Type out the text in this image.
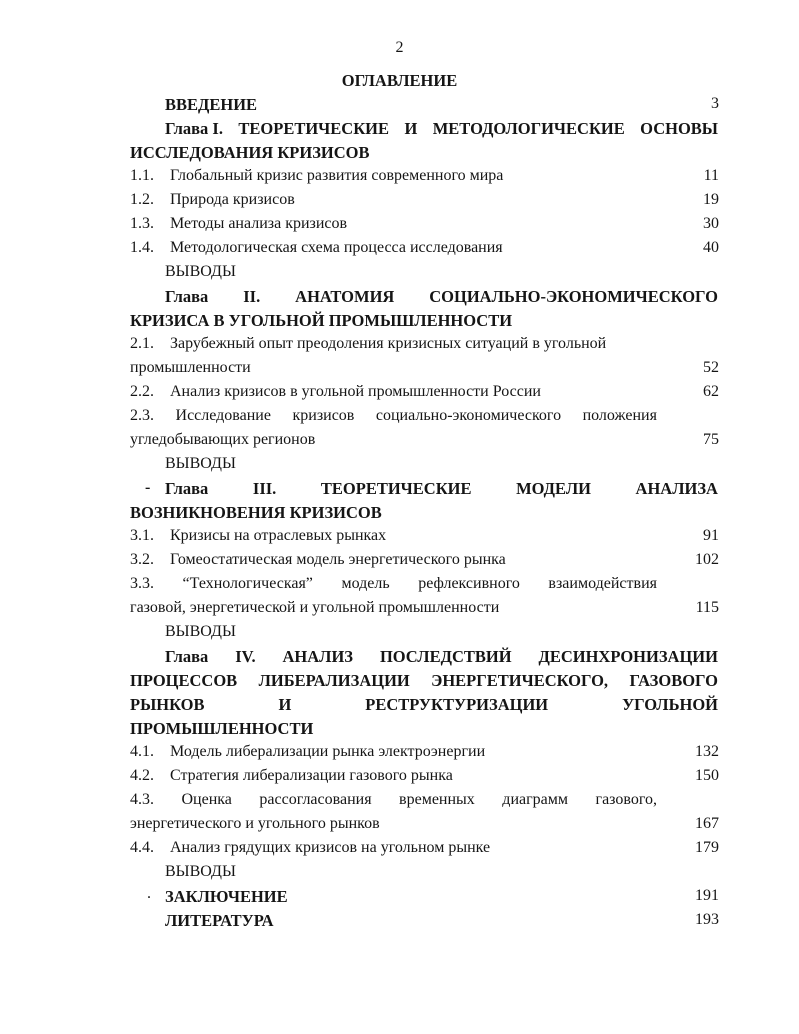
2
ОГЛАВЛЕНИЕ
ВВЕДЕНИЕ	3
Глава I. ТЕОРЕТИЧЕСКИЕ И МЕТОДОЛОГИЧЕСКИЕ ОСНОВЫ
ИССЛЕДОВАНИЯ КРИЗИСОВ
1.1. Глобальный кризис развития современного мира	11
1.2. Природа кризисов	19
1.3. Методы анализа кризисов	30
1.4. Методологическая схема процесса исследования	40
ВЫВОДЫ
Глава II. АНАТОМИЯ СОЦИАЛЬНО-ЭКОНОМИЧЕСКОГО
КРИЗИСА В УГОЛЬНОЙ ПРОМЫШЛЕННОСТИ
2.1. Зарубежный опыт преодоления кризисных ситуаций в угольной
промышленности	52
2.2. Анализ кризисов в угольной промышленности России	62
2.3. Исследование кризисов социально-экономического положения
угледобывающих регионов	75
ВЫВОДЫ
- Глава	III.	ТЕОРЕТИЧЕСКИЕ	МОДЕЛИ	АНАЛИЗА
ВОЗНИКНОВЕНИЯ КРИЗИСОВ
3.1. Кризисы на отраслевых рынках	91
3.2. Гомеостатическая модель энергетического рынка	102
3.3. “Технологическая” модель рефлексивного взаимодействия
газовой, энергетической и угольной промышленности	115
ВЫВОДЫ
Глава IV. АНАЛИЗ ПОСЛЕДСТВИЙ ДЕСИНХРОНИЗАЦИИ
ПРОЦЕССОВ ЛИБЕРАЛИЗАЦИИ ЭНЕРГЕТИЧЕСКОГО, ГАЗОВОГО
РЫНКОВ	И	РЕСТРУКТУРИЗАЦИИ	УГОЛЬНОЙ
ПРОМЫШЛЕННОСТИ
4.1. Модель либерализации рынка электроэнергии	132
4.2. Стратегия либерализации газового рынка	150
4.3. Оценка рассогласования временных диаграмм газового,
энергетического и угольного рынков	167
4.4. Анализ грядущих кризисов на угольном рынке	179
ВЫВОДЫ
. ЗАКЛЮЧЕНИЕ	191
ЛИТЕРАТУРА	193
